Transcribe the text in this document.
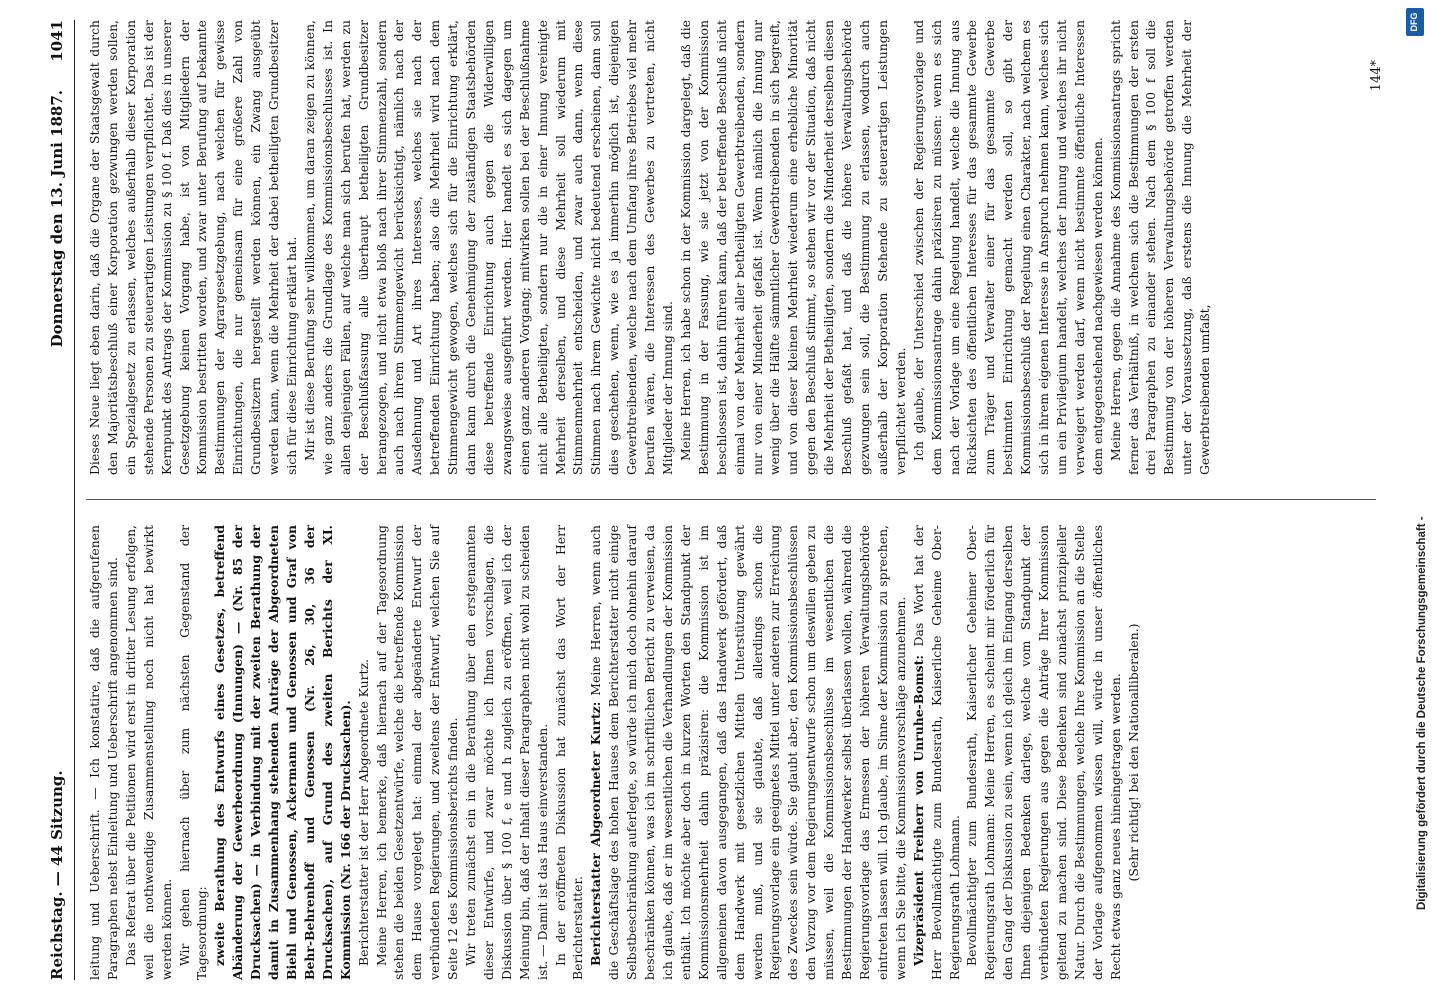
Reichstag. — 44 Sitzung.
Donnerstag den 13. Juni 1887.
1041

leitung und Ueberschrift. — Ich konstatire, daß die aufgerufenen Paragraphen nebst Einleitung und Ueberschrift angenommen sind. Das Referat über die Petitionen wird erst in dritter Lesung erfolgen, weil die nothwendige Zusammenstellung noch nicht hat bewirkt werden können. Wir gehen hiernach über zum nächsten Gegenstand der Tagesordnung: zweite Berathung des Entwurfs eines Gesetzes, betreffend Abänderung der Gewerbeordnung (Innungen) — (Nr. 85 der Drucksachen) — in Verbindung mit der zweiten Berathung der damit in Zusammenhang stehenden Anträge der Abgeordneten Biehl und Genossen, Ackermann und Genossen und Graf von Behr-Behrenhoff und Genossen (Nr. 26, 30, 36 der Drucksachen), auf Grund des zweiten Berichts der XI. Kommission (Nr. 166 der Drucksachen). Berichterstatter ist der Herr Abgeordnete Kurtz. Meine Herren, ich bemerke, daß hiernach auf der Tagesordnung stehen die beiden Gesetzentwürfe, welche die betreffende Kommission dem Hause vorgelegt hat: einmal der abgeänderte Entwurf der verbündeten Regierungen, und zweitens der Entwurf, welchen Sie auf Seite 12 des Kommissionsberichts finden. Wir treten zunächst ein in die Berathung über den erstgenannten dieser Entwürfe, und zwar möchte ich Ihnen vorschlagen, die Diskussion über § 100 f, e und h zugleich zu eröffnen, weil ich der Meinung bin, daß der Inhalt dieser Paragraphen nicht wohl zu scheiden ist. — Damit ist das Haus einverstanden. In der eröffneten Diskussion hat zunächst das Wort der Herr Berichterstatter. Berichterstatter Abgeordneter Kurtz: Meine Herren, wenn auch die Geschäftslage des hohen Hauses dem Berichterstatter nicht einige Selbstbeschränkung auferlegte, so würde ich mich doch ohnehin darauf beschränken können, was ich im schriftlichen Bericht zu verweisen, da ich glaube, daß er im wesentlichen die Verhandlungen der Kommission enthält. Ich möchte aber doch in kurzen Worten den Standpunkt der Kommissionsmehrheit dahin präzisiren: die Kommission ist im allgemeinen davon ausgegangen, daß das Handwerk gefördert, daß dem Handwerk mit gesetzlichen Mitteln Unterstützung gewährt werden muß, und sie glaubte, daß allerdings schon die Regierungsvorlage ein geeignetes Mittel unter anderen zur Erreichung des Zweckes sein würde. Sie glaubt aber, den Kommissionsbeschlüssen den Vorzug vor dem Regierungsentwurfe schon um deswillen geben zu müssen, weil die Kommissionsbeschlüsse im wesentlichen die Bestimmungen der Handwerker selbst überlassen wollen, während die Regierungsvorlage das Ermessen der höheren Verwaltungsbehörde eintreten lassen will. Ich glaube, im Sinne der Kommission zu sprechen, wenn ich Sie bitte, die Kommissionsvorschläge anzunehmen. Vizepräsident Freiherr von Unruhe-Bomst: Das Wort hat der Herr Bevollmächtigte zum Bundesrath, Kaiserliche Geheime Ober-Regierungsrath Lohmann. Bevollmächtigter zum Bundesrath, Kaiserlicher Geheimer Ober-Regierungsrath Lohmann: Meine Herren, es scheint mir förderlich für den Gang der Diskussion zu sein, wenn ich gleich im Eingang derselben Ihnen diejenigen Bedenken darlege, welche vom Standpunkt der verbündeten Regierungen aus gegen die Anträge Ihrer Kommission geltend zu machen sind. Diese Bedenken sind zunächst prinzipieller Natur. Durch die Bestimmungen, welche Ihre Kommission an die Stelle der Vorlage aufgenommen wissen will, würde in unser öffentliches Recht etwas ganz neues hineingetragen werden. (Sehr richtig! bei den Nationalliberalen.)

Dieses Neue liegt eben darin, daß die Organe der Staatsgewalt durch den Majoritätsbeschluß einer Korporation gezwungen werden sollen, ein Spezialgesetz zu erlassen, welches außerhalb dieser Korporation stehende Personen zu steuerartigen Leistungen verpflichtet. Das ist der Kernpunkt des Antrags der Kommission zu § 100 f. Daß dies in unserer Gesetzgebung keinen Vorgang habe, ist von Mitgliedern der Kommission bestritten worden, und zwar unter Berufung auf bekannte Bestimmungen der Agrargesetzgebung, nach welchen für gewisse Einrichtungen, die nur gemeinsam für eine größere Zahl von Grundbesitzern hergestellt werden können, ein Zwang ausgeübt werden kann, wenn die Mehrheit der dabei betheiligten Grundbesitzer sich für diese Einrichtung erklärt hat. Mir ist diese Berufung sehr willkommen, um daran zeigen zu können, wie ganz anders die Grundlage des Kommissionsbeschlusses ist. In allen denjenigen Fällen, auf welche man sich berufen hat, werden zu der Beschlußfassung alle überhaupt betheiligten Grundbesitzer herangezogen, und nicht etwa bloß nach ihrer Stimmenzahl, sondern auch nach ihrem Stimmengewicht berücksichtigt, nämlich nach der Ausdehnung und Art ihres Interesses, welches sie nach der betreffenden Einrichtung haben; also die Mehrheit wird nach dem Stimmengewicht gewogen, welches sich für die Einrichtung erklärt, dann kann durch die Genehmigung der zuständigen Staatsbehörden diese betreffende Einrichtung auch gegen die Widerwilligen zwangsweise ausgeführt werden. Hier handelt es sich dagegen um einen ganz anderen Vorgang; mitwirken sollen bei der Beschlußnahme nicht alle Betheiligten, sondern nur die in einer Innung vereinigte Mehrheit derselben, und diese Mehrheit soll wiederum mit Stimmenmehrheit entscheiden, und zwar auch dann, wenn diese Stimmen nach ihrem Gewichte nicht bedeutend erscheinen, dann soll dies geschehen, wenn, wie es ja immerhin möglich ist, diejenigen Gewerbtreibenden, welche nach dem Umfang ihres Betriebes viel mehr berufen wären, die Interessen des Gewerbes zu vertreten, nicht Mitglieder der Innung sind. Meine Herren, ich habe schon in der Kommission dargelegt, daß die Bestimmung in der Fassung, wie sie jetzt von der Kommission beschlossen ist, dahin führen kann, daß der betreffende Beschluß nicht einmal von der Mehrheit aller betheiligten Gewerbtreibenden, sondern nur von einer Minderheit gefaßt ist. Wenn nämlich die Innung nur wenig über die Hälfte sämmtlicher Gewerbtreibenden in sich begreift, und von dieser kleinen Mehrheit wiederum eine erhebliche Minorität gegen den Beschluß stimmt, so stehen wir vor der Situation, daß nicht die Mehrheit der Betheiligten, sondern die Minderheit derselben diesen Beschluß gefaßt hat, und daß die höhere Verwaltungsbehörde gezwungen sein soll, die Bestimmung zu erlassen, wodurch auch außerhalb der Korporation Stehende zu steuerartigen Leistungen verpflichtet werden. Ich glaube, der Unterschied zwischen der Regierungsvorlage und dem Kommissionsantrage dahin präzisiren zu müssen: wenn es sich nach der Vorlage um eine Regelung handelt, welche die Innung aus Rücksichten des öffentlichen Interesses für das gesammte Gewerbe zum Träger und Verwalter einer für das gesammte Gewerbe bestimmten Einrichtung gemacht werden soll, so gibt der Kommissionsbeschluß der Regelung einen Charakter, nach welchem es sich in ihrem eigenen Interesse in Anspruch nehmen kann, welches sich um ein Privilegium handelt, welches der Innung und welches ihr nicht verweigert werden darf, wenn nicht bestimmte öffentliche Interessen dem entgegenstehend nachgewiesen werden können. Meine Herren, gegen die Annahme des Kommissionsantrags spricht ferner das Verhältniß, in welchem sich die Bestimmungen der ersten drei Paragraphen zu einander stehen. Nach dem § 100 f soll die Bestimmung von der höheren Verwaltungsbehörde getroffen werden unter der Voraussetzung, daß erstens die Innung die Mehrheit der Gewerbtreibenden umfaßt,

144*
DFG
Digitalisierung gefördert durch die Deutsche Forschungsgemeinschaft -
